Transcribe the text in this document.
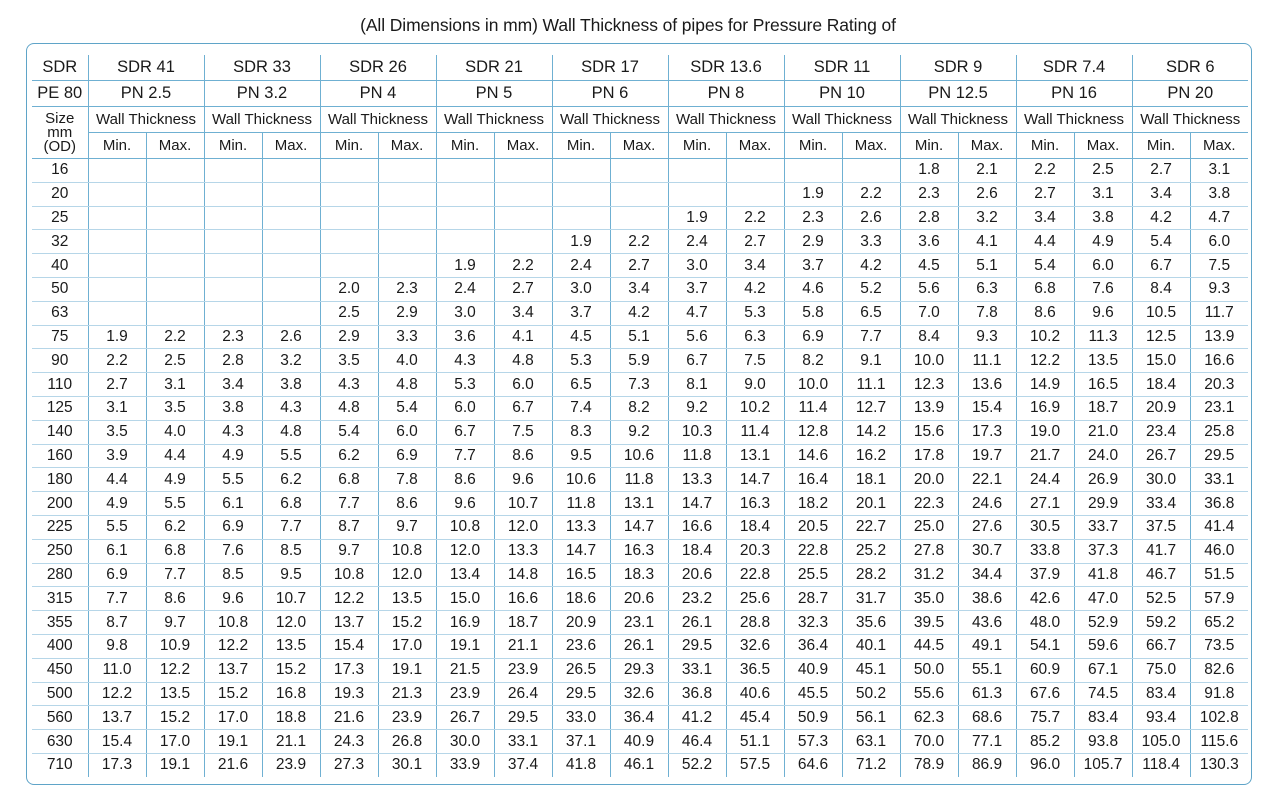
(All Dimensions in mm) Wall Thickness of pipes for Pressure Rating of
SDR	SDR 41		SDR 33		SDR 26		SDR 21		SDR 17		SDR 13.6		SDR 11		SDR 9		SDR 7.4		SDR 6	
PE 80	PN 2.5		PN 3.2		PN 4		PN 5		PN 6		PN 8		PN 10		PN 12.5		PN 16		PN 20	

Size
mm
(OD)	Wall Thickness		Wall Thickness		Wall Thickness		Wall Thickness		Wall Thickness		Wall Thickness		Wall Thickness		Wall Thickness		Wall Thickness		Wall Thickness	
	Min.	Max.	Min.	Max.	Min.	Max.	Min.	Max.	Min.	Max.	Min.	Max.	Min.	Max.	Min.	Max.	Min.	Max.	Min.	Max.
16															1.8	2.1	2.2	2.5	2.7	3.1
20													1.9	2.2	2.3	2.6	2.7	3.1	3.4	3.8
25											1.9	2.2	2.3	2.6	2.8	3.2	3.4	3.8	4.2	4.7
32									1.9	2.2	2.4	2.7	2.9	3.3	3.6	4.1	4.4	4.9	5.4	6.0
40							1.9	2.2	2.4	2.7	3.0	3.4	3.7	4.2	4.5	5.1	5.4	6.0	6.7	7.5
50					2.0	2.3	2.4	2.7	3.0	3.4	3.7	4.2	4.6	5.2	5.6	6.3	6.8	7.6	8.4	9.3
63					2.5	2.9	3.0	3.4	3.7	4.2	4.7	5.3	5.8	6.5	7.0	7.8	8.6	9.6	10.5	11.7
75	1.9	2.2	2.3	2.6	2.9	3.3	3.6	4.1	4.5	5.1	5.6	6.3	6.9	7.7	8.4	9.3	10.2	11.3	12.5	13.9
90	2.2	2.5	2.8	3.2	3.5	4.0	4.3	4.8	5.3	5.9	6.7	7.5	8.2	9.1	10.0	11.1	12.2	13.5	15.0	16.6
110	2.7	3.1	3.4	3.8	4.3	4.8	5.3	6.0	6.5	7.3	8.1	9.0	10.0	11.1	12.3	13.6	14.9	16.5	18.4	20.3
125	3.1	3.5	3.8	4.3	4.8	5.4	6.0	6.7	7.4	8.2	9.2	10.2	11.4	12.7	13.9	15.4	16.9	18.7	20.9	23.1
140	3.5	4.0	4.3	4.8	5.4	6.0	6.7	7.5	8.3	9.2	10.3	11.4	12.8	14.2	15.6	17.3	19.0	21.0	23.4	25.8
160	3.9	4.4	4.9	5.5	6.2	6.9	7.7	8.6	9.5	10.6	11.8	13.1	14.6	16.2	17.8	19.7	21.7	24.0	26.7	29.5
180	4.4	4.9	5.5	6.2	6.8	7.8	8.6	9.6	10.6	11.8	13.3	14.7	16.4	18.1	20.0	22.1	24.4	26.9	30.0	33.1
200	4.9	5.5	6.1	6.8	7.7	8.6	9.6	10.7	11.8	13.1	14.7	16.3	18.2	20.1	22.3	24.6	27.1	29.9	33.4	36.8
225	5.5	6.2	6.9	7.7	8.7	9.7	10.8	12.0	13.3	14.7	16.6	18.4	20.5	22.7	25.0	27.6	30.5	33.7	37.5	41.4
250	6.1	6.8	7.6	8.5	9.7	10.8	12.0	13.3	14.7	16.3	18.4	20.3	22.8	25.2	27.8	30.7	33.8	37.3	41.7	46.0
280	6.9	7.7	8.5	9.5	10.8	12.0	13.4	14.8	16.5	18.3	20.6	22.8	25.5	28.2	31.2	34.4	37.9	41.8	46.7	51.5
315	7.7	8.6	9.6	10.7	12.2	13.5	15.0	16.6	18.6	20.6	23.2	25.6	28.7	31.7	35.0	38.6	42.6	47.0	52.5	57.9
355	8.7	9.7	10.8	12.0	13.7	15.2	16.9	18.7	20.9	23.1	26.1	28.8	32.3	35.6	39.5	43.6	48.0	52.9	59.2	65.2
400	9.8	10.9	12.2	13.5	15.4	17.0	19.1	21.1	23.6	26.1	29.5	32.6	36.4	40.1	44.5	49.1	54.1	59.6	66.7	73.5
450	11.0	12.2	13.7	15.2	17.3	19.1	21.5	23.9	26.5	29.3	33.1	36.5	40.9	45.1	50.0	55.1	60.9	67.1	75.0	82.6
500	12.2	13.5	15.2	16.8	19.3	21.3	23.9	26.4	29.5	32.6	36.8	40.6	45.5	50.2	55.6	61.3	67.6	74.5	83.4	91.8
560	13.7	15.2	17.0	18.8	21.6	23.9	26.7	29.5	33.0	36.4	41.2	45.4	50.9	56.1	62.3	68.6	75.7	83.4	93.4	102.8
630	15.4	17.0	19.1	21.1	24.3	26.8	30.0	33.1	37.1	40.9	46.4	51.1	57.3	63.1	70.0	77.1	85.2	93.8	105.0	115.6
710	17.3	19.1	21.6	23.9	27.3	30.1	33.9	37.4	41.8	46.1	52.2	57.5	64.6	71.2	78.9	86.9	96.0	105.7	118.4	130.3
